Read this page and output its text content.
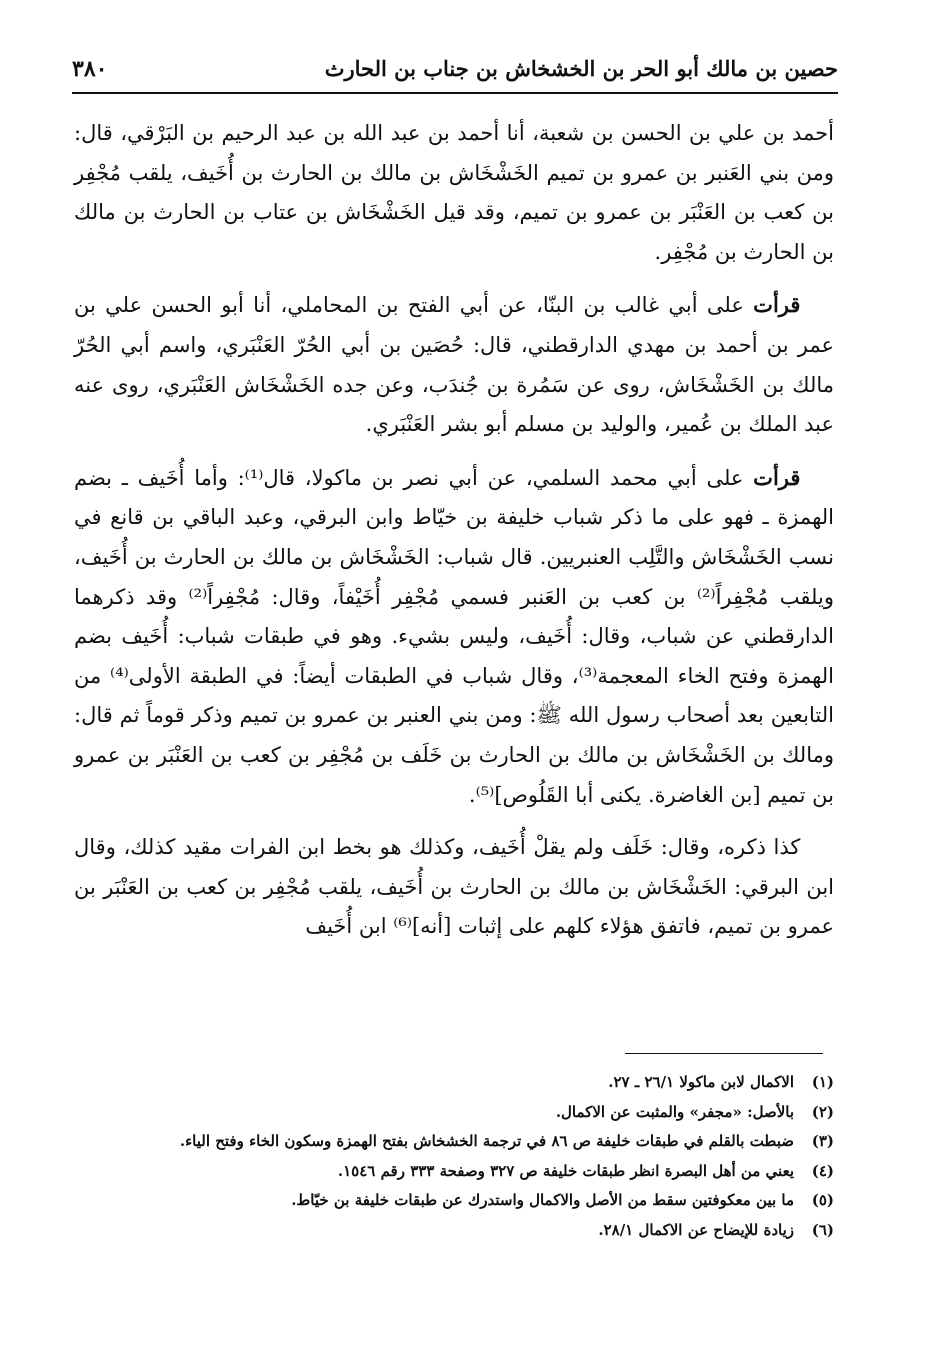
حصين بن مالك أبو الحر بن الخشخاش بن جناب بن الحارث
٣٨٠

أحمد بن علي بن الحسن بن شعبة، أنا أحمد بن عبد الله بن عبد الرحيم بن البَرْقي، قال: ومن بني العَنبر بن عمرو بن تميم الخَشْخَاش بن مالك بن الحارث بن أُخَيف، يلقب مُجْفِر بن كعب بن العَنْبَر بن عمرو بن تميم، وقد قيل الخَشْخَاش بن عتاب بن الحارث بن مالك بن الحارث بن مُجْفِر.

قرأت على أبي غالب بن البنّا، عن أبي الفتح بن المحاملي، أنا أبو الحسن علي بن عمر بن أحمد بن مهدي الدارقطني، قال: حُصَين بن أبي الحُرّ العَنْبَري، واسم أبي الحُرّ مالك بن الخَشْخَاش، روى عن سَمُرة بن جُندَب، وعن جده الخَشْخَاش العَنْبَري، روى عنه عبد الملك بن عُمير، والوليد بن مسلم أبو بشر العَنْبَري.

قرأت على أبي محمد السلمي، عن أبي نصر بن ماكولا، قال⁽¹⁾: وأما أُخَيف ـ بضم الهمزة ـ فهو على ما ذكر شباب خليفة بن خيّاط وابن البرقي، وعبد الباقي بن قانع في نسب الخَشْخَاش والتَّلِب العنبريين. قال شباب: الخَشْخَاش بن مالك بن الحارث بن أُخَيف، ويلقب مُجْفِراً⁽²⁾ بن كعب بن العَنبر فسمي مُجْفِر أُخَيْفاً، وقال: مُجْفِراً⁽²⁾ وقد ذكرهما الدارقطني عن شباب، وقال: أُخَيف، وليس بشيء. وهو في طبقات شباب: أُخَيف بضم الهمزة وفتح الخاء المعجمة⁽³⁾، وقال شباب في الطبقات أيضاً: في الطبقة الأولى⁽⁴⁾ من التابعين بعد أصحاب رسول الله ﷺ: ومن بني العنبر بن عمرو بن تميم وذكر قوماً ثم قال: ومالك بن الخَشْخَاش بن مالك بن الحارث بن خَلَف بن مُجْفِر بن كعب بن العَنْبَر بن عمرو بن تميم [بن الغاضرة. يكنى أبا القَلُوص]⁽⁵⁾.

كذا ذكره، وقال: خَلَف ولم يقلْ أُخَيف، وكذلك هو بخط ابن الفرات مقيد كذلك، وقال ابن البرقي: الخَشْخَاش بن مالك بن الحارث بن أُخَيف، يلقب مُجْفِر بن كعب بن العَنْبَر بن عمرو بن تميم، فاتفق هؤلاء كلهم على إثبات [أنه]⁽⁶⁾ ابن أُخَيف

(١)
الاكمال لابن ماكولا ٢٦/١ ـ ٢٧.
(٢)
بالأصل: «مجفر» والمثبت عن الاكمال.
(٣)
ضبطت بالقلم في طبقات خليفة ص ٨٦ في ترجمة الخشخاش بفتح الهمزة وسكون الخاء وفتح الياء.
(٤)
يعني من أهل البصرة انظر طبقات خليفة ص ٣٢٧ وصفحة ٣٣٣ رقم ١٥٤٦.
(٥)
ما بين معكوفتين سقط من الأصل والاكمال واستدرك عن طبقات خليفة بن خيّاط.
(٦)
زيادة للإيضاح عن الاكمال ٢٨/١.
